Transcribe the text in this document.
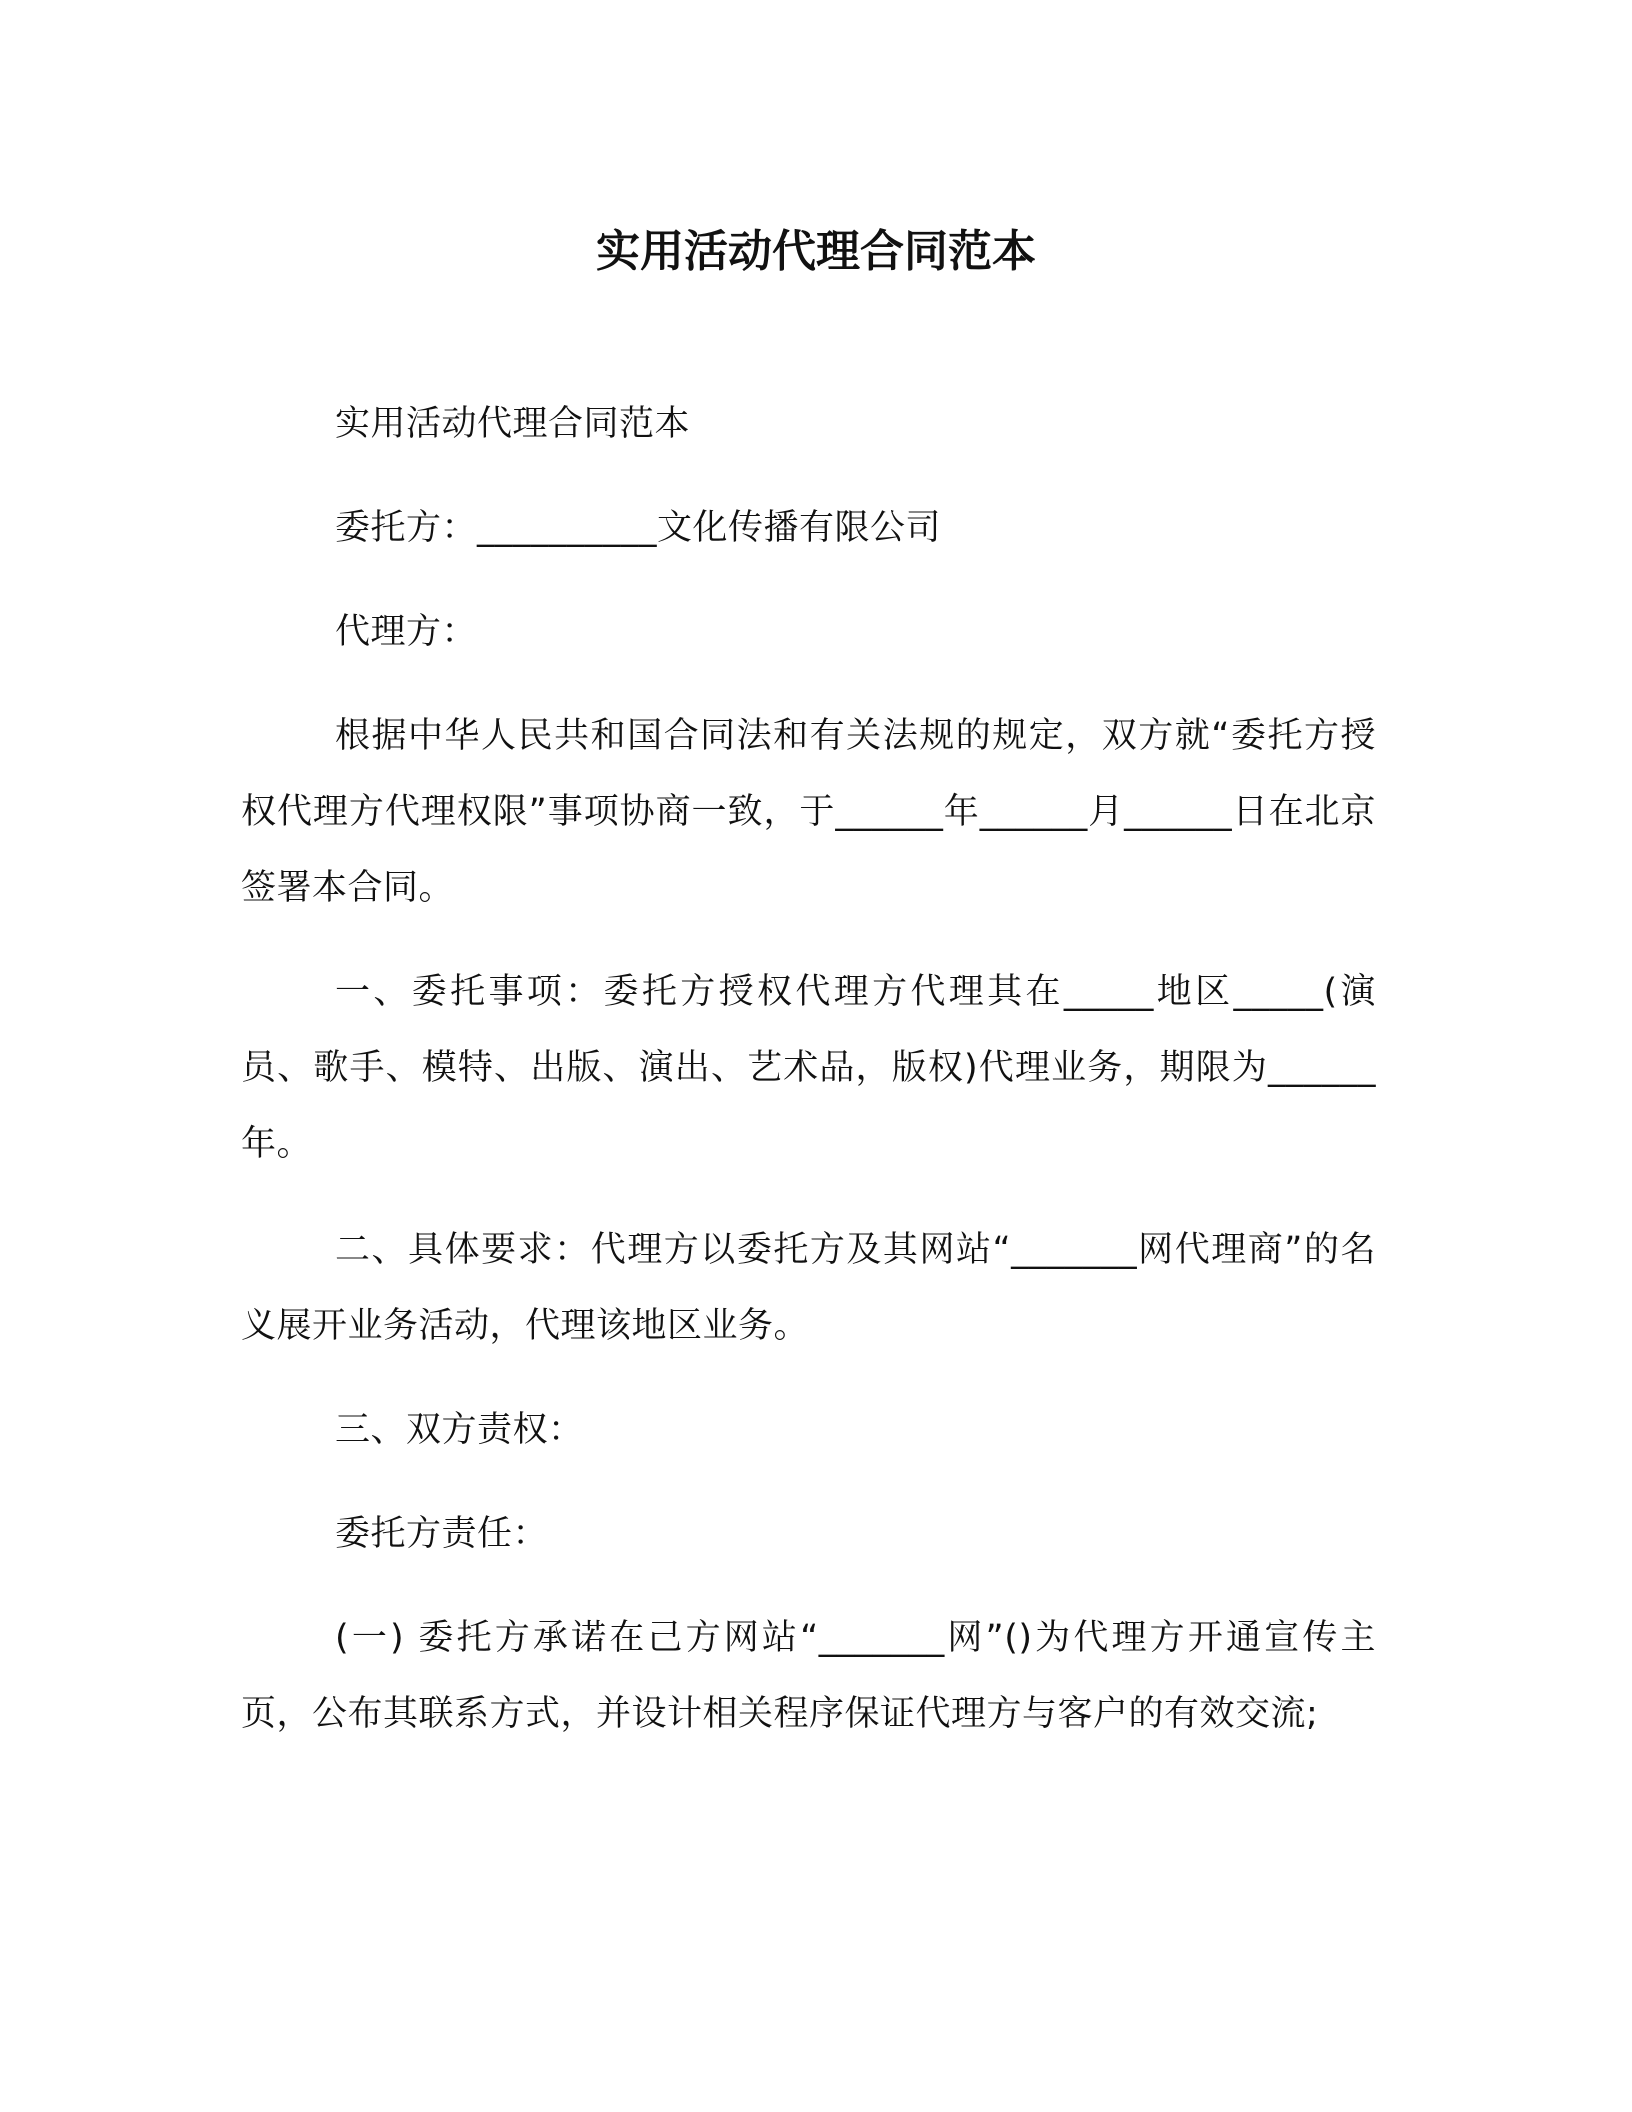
实用活动代理合同范本

实用活动代理合同范本

委托方：__________文化传播有限公司

代理方：

根据中华人民共和国合同法和有关法规的规定，双方就“委托方授权代理方代理权限”事项协商一致，于______年______月______日在北京签署本合同。

一、委托事项：委托方授权代理方代理其在_____地区_____(演员、歌手、模特、出版、演出、艺术品，版权)代理业务，期限为______年。

二、具体要求：代理方以委托方及其网站“_______网代理商”的名义展开业务活动，代理该地区业务。

三、双方责权：

委托方责任：

(一) 委托方承诺在己方网站“_______网”()为代理方开通宣传主页，公布其联系方式，并设计相关程序保证代理方与客户的有效交流;
